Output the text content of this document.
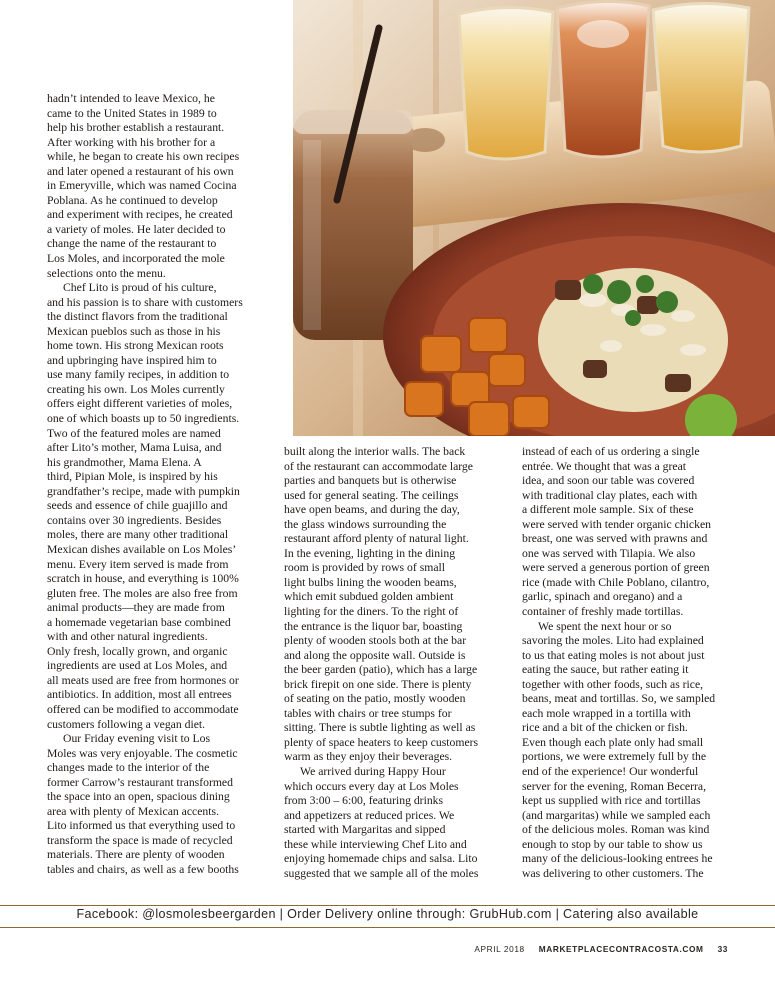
hadn’t intended to leave Mexico, he
came to the United States in 1989 to
help his brother establish a restaurant.
After working with his brother for a
while, he began to create his own recipes
and later opened a restaurant of his own
in Emeryville, which was named Cocina
Poblana. As he continued to develop
and experiment with recipes, he created
a variety of moles. He later decided to
change the name of the restaurant to
Los Moles, and incorporated the mole
selections onto the menu.

Chef Lito is proud of his culture,
and his passion is to share with customers
the distinct flavors from the traditional
Mexican pueblos such as those in his
home town. His strong Mexican roots
and upbringing have inspired him to
use many family recipes, in addition to
creating his own. Los Moles currently
offers eight different varieties of moles,
one of which boasts up to 50 ingredients.
Two of the featured moles are named
after Lito’s mother, Mama Luisa, and
his grandmother, Mama Elena. A
third, Pipian Mole, is inspired by his
grandfather’s recipe, made with pumpkin
seeds and essence of chile guajillo and
contains over 30 ingredients. Besides
moles, there are many other traditional
Mexican dishes available on Los Moles’
menu. Every item served is made from
scratch in house, and everything is 100%
gluten free. The moles are also free from
animal products—they are made from
a homemade vegetarian base combined
with and other natural ingredients.
Only fresh, locally grown, and organic
ingredients are used at Los Moles, and
all meats used are free from hormones or
antibiotics. In addition, most all entrees
offered can be modified to accommodate
customers following a vegan diet.

Our Friday evening visit to Los
Moles was very enjoyable. The cosmetic
changes made to the interior of the
former Carrow’s restaurant transformed
the space into an open, spacious dining
area with plenty of Mexican accents.
Lito informed us that everything used to
transform the space is made of recycled
materials. There are plenty of wooden
tables and chairs, as well as a few booths

built along the interior walls. The back
of the restaurant can accommodate large
parties and banquets but is otherwise
used for general seating. The ceilings
have open beams, and during the day,
the glass windows surrounding the
restaurant afford plenty of natural light.
In the evening, lighting in the dining
room is provided by rows of small
light bulbs lining the wooden beams,
which emit subdued golden ambient
lighting for the diners. To the right of
the entrance is the liquor bar, boasting
plenty of wooden stools both at the bar
and along the opposite wall. Outside is
the beer garden (patio), which has a large
brick firepit on one side. There is plenty
of seating on the patio, mostly wooden
tables with chairs or tree stumps for
sitting. There is subtle lighting as well as
plenty of space heaters to keep customers
warm as they enjoy their beverages.

We arrived during Happy Hour
which occurs every day at Los Moles
from 3:00 – 6:00, featuring drinks
and appetizers at reduced prices. We
started with Margaritas and sipped
these while interviewing Chef Lito and
enjoying homemade chips and salsa. Lito
suggested that we sample all of the moles

instead of each of us ordering a single
entrée. We thought that was a great
idea, and soon our table was covered
with traditional clay plates, each with
a different mole sample. Six of these
were served with tender organic chicken
breast, one was served with prawns and
one was served with Tilapia. We also
were served a generous portion of green
rice (made with Chile Poblano, cilantro,
garlic, spinach and oregano) and a
container of freshly made tortillas.

We spent the next hour or so
savoring the moles. Lito had explained
to us that eating moles is not about just
eating the sauce, but rather eating it
together with other foods, such as rice,
beans, meat and tortillas. So, we sampled
each mole wrapped in a tortilla with
rice and a bit of the chicken or fish.
Even though each plate only had small
portions, we were extremely full by the
end of the experience! Our wonderful
server for the evening, Roman Becerra,
kept us supplied with rice and tortillas
(and margaritas) while we sampled each
of the delicious moles. Roman was kind
enough to stop by our table to show us
many of the delicious-looking entrees he
was delivering to other customers. The

Facebook: @losmolesbeergarden | Order Delivery online through: GrubHub.com | Catering also available
APRIL 2018 MARKETPLACECONTRACOSTA.COM 33
